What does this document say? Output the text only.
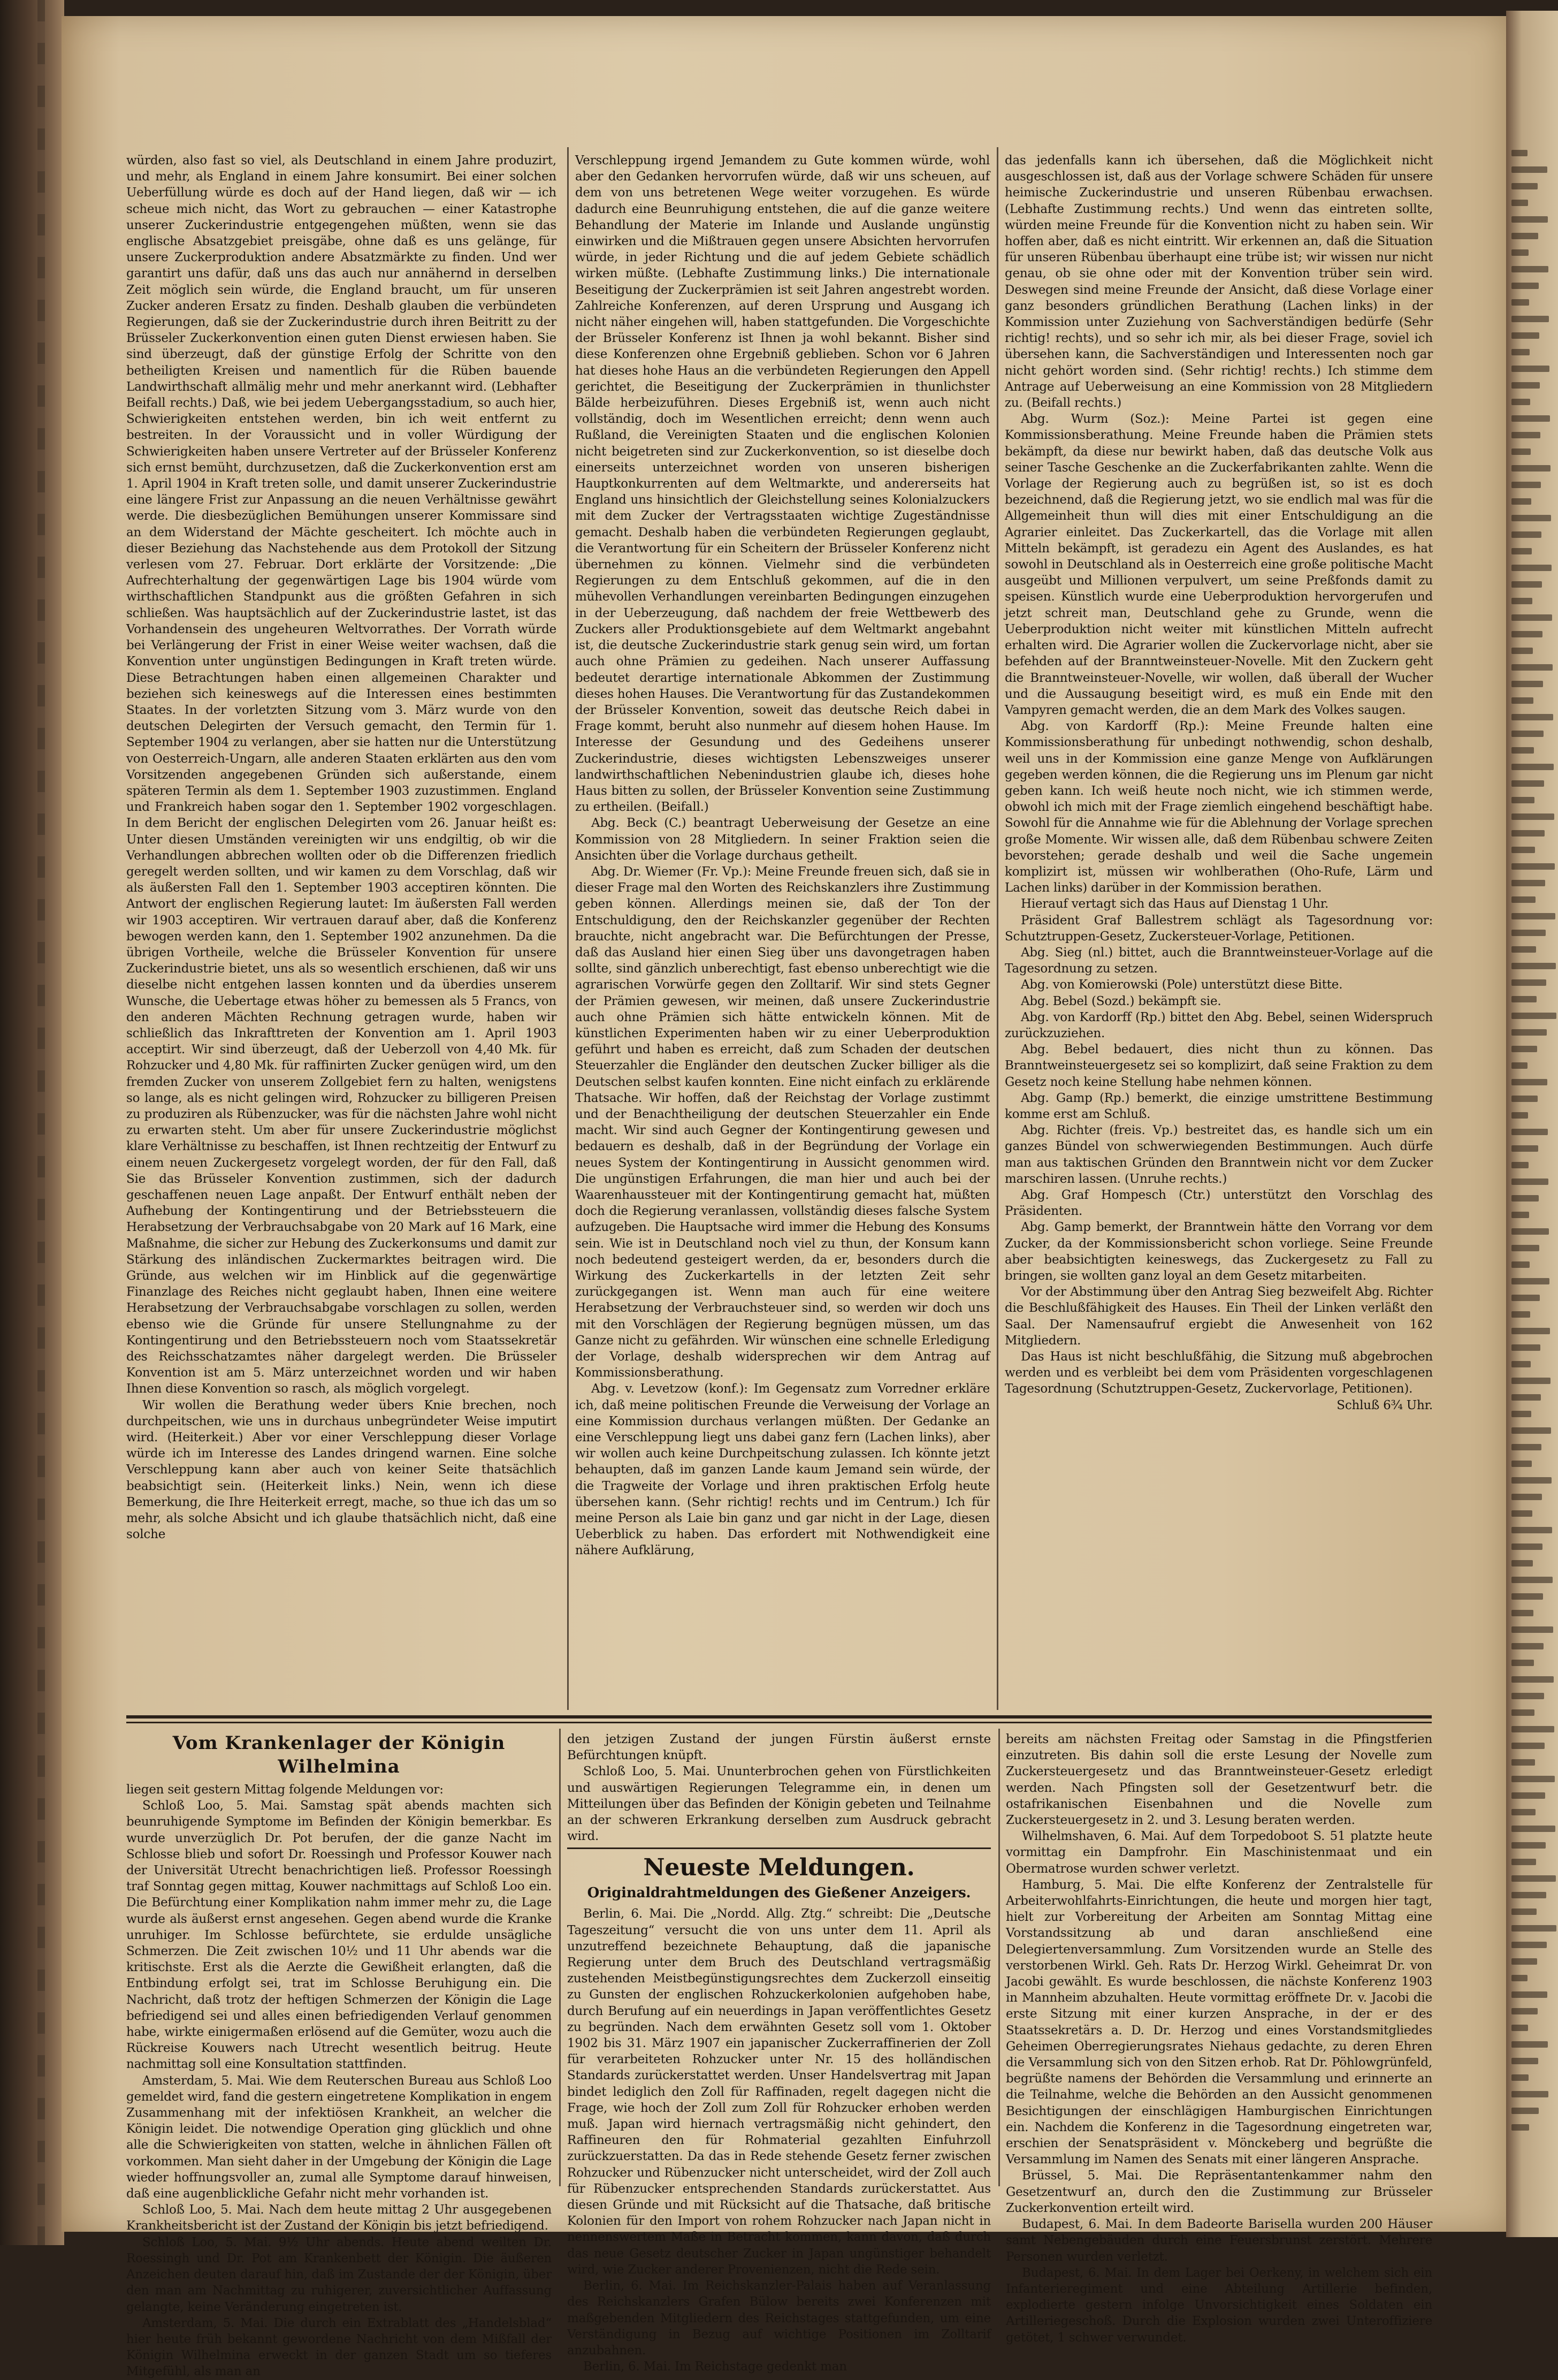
würden, also fast so viel, als Deutschland in einem Jahre produzirt, und mehr, als England in einem Jahre konsumirt. Bei einer solchen Ueberfüllung würde es doch auf der Hand liegen, daß wir — ich scheue mich nicht, das Wort zu gebrauchen — einer Katastrophe unserer Zuckerindustrie entgegengehen müßten, wenn sie das englische Absatzgebiet preisgäbe, ohne daß es uns gelänge, für unsere Zuckerproduktion andere Absatzmärkte zu finden. Und wer garantirt uns dafür, daß uns das auch nur annähernd in derselben Zeit möglich sein würde, die England braucht, um für unseren Zucker anderen Ersatz zu finden. Deshalb glauben die verbündeten Regierungen, daß sie der Zuckerindustrie durch ihren Beitritt zu der Brüsseler Zuckerkonvention einen guten Dienst erwiesen haben. Sie sind überzeugt, daß der günstige Erfolg der Schritte von den betheiligten Kreisen und namentlich für die Rüben bauende Landwirthschaft allmälig mehr und mehr anerkannt wird. (Lebhafter Beifall rechts.) Daß, wie bei jedem Uebergangsstadium, so auch hier, Schwierigkeiten entstehen werden, bin ich weit entfernt zu bestreiten. In der Voraussicht und in voller Würdigung der Schwierigkeiten haben unsere Vertreter auf der Brüsseler Konferenz sich ernst bemüht, durchzusetzen, daß die Zuckerkonvention erst am 1. April 1904 in Kraft treten solle, und damit unserer Zuckerindustrie eine längere Frist zur Anpassung an die neuen Verhältnisse gewährt werde. Die diesbezüglichen Bemühungen unserer Kommissare sind an dem Widerstand der Mächte gescheitert. Ich möchte auch in dieser Beziehung das Nachstehende aus dem Protokoll der Sitzung verlesen vom 27. Februar. Dort erklärte der Vorsitzende: „Die Aufrechterhaltung der gegenwärtigen Lage bis 1904 würde vom wirthschaftlichen Standpunkt aus die größten Gefahren in sich schließen. Was hauptsächlich auf der Zuckerindustrie lastet, ist das Vorhandensein des ungeheuren Weltvorrathes. Der Vorrath würde bei Verlängerung der Frist in einer Weise weiter wachsen, daß die Konvention unter ungünstigen Bedingungen in Kraft treten würde. Diese Betrachtungen haben einen allgemeinen Charakter und beziehen sich keineswegs auf die Interessen eines bestimmten Staates. In der vorletzten Sitzung vom 3. März wurde von den deutschen Delegirten der Versuch gemacht, den Termin für 1. September 1904 zu verlangen, aber sie hatten nur die Unterstützung von Oesterreich-Ungarn, alle anderen Staaten erklärten aus den vom Vorsitzenden angegebenen Gründen sich außerstande, einem späteren Termin als dem 1. September 1903 zuzustimmen. England und Frankreich haben sogar den 1. September 1902 vorgeschlagen. In dem Bericht der englischen Delegirten vom 26. Januar heißt es: Unter diesen Umständen vereinigten wir uns endgiltig, ob wir die Verhandlungen abbrechen wollten oder ob die Differenzen friedlich geregelt werden sollten, und wir kamen zu dem Vorschlag, daß wir als äußersten Fall den 1. September 1903 acceptiren könnten. Die Antwort der englischen Regierung lautet: Im äußersten Fall werden wir 1903 acceptiren. Wir vertrauen darauf aber, daß die Konferenz bewogen werden kann, den 1. September 1902 anzunehmen. Da die übrigen Vortheile, welche die Brüsseler Konvention für unsere Zuckerindustrie bietet, uns als so wesentlich erschienen, daß wir uns dieselbe nicht entgehen lassen konnten und da überdies unserem Wunsche, die Uebertage etwas höher zu bemessen als 5 Francs, von den anderen Mächten Rechnung getragen wurde, haben wir schließlich das Inkrafttreten der Konvention am 1. April 1903 acceptirt. Wir sind überzeugt, daß der Ueberzoll von 4,40 Mk. für Rohzucker und 4,80 Mk. für raffinirten Zucker genügen wird, um den fremden Zucker von unserem Zollgebiet fern zu halten, wenigstens so lange, als es nicht gelingen wird, Rohzucker zu billigeren Preisen zu produziren als Rübenzucker, was für die nächsten Jahre wohl nicht zu erwarten steht. Um aber für unsere Zuckerindustrie möglichst klare Verhältnisse zu beschaffen, ist Ihnen rechtzeitig der Entwurf zu einem neuen Zuckergesetz vorgelegt worden, der für den Fall, daß Sie das Brüsseler Konvention zustimmen, sich der dadurch geschaffenen neuen Lage anpaßt. Der Entwurf enthält neben der Aufhebung der Kontingentirung und der Betriebssteuern die Herabsetzung der Verbrauchsabgabe von 20 Mark auf 16 Mark, eine Maßnahme, die sicher zur Hebung des Zuckerkonsums und damit zur Stärkung des inländischen Zuckermarktes beitragen wird. Die Gründe, aus welchen wir im Hinblick auf die gegenwärtige Finanzlage des Reiches nicht geglaubt haben, Ihnen eine weitere Herabsetzung der Verbrauchsabgabe vorschlagen zu sollen, werden ebenso wie die Gründe für unsere Stellungnahme zu der Kontingentirung und den Betriebssteuern noch vom Staatssekretär des Reichsschatzamtes näher dargelegt werden. Die Brüsseler Konvention ist am 5. März unterzeichnet worden und wir haben Ihnen diese Konvention so rasch, als möglich vorgelegt.

Wir wollen die Berathung weder übers Knie brechen, noch durchpeitschen, wie uns in durchaus unbegründeter Weise imputirt wird. (Heiterkeit.) Aber vor einer Verschleppung dieser Vorlage würde ich im Interesse des Landes dringend warnen. Eine solche Verschleppung kann aber auch von keiner Seite thatsächlich beabsichtigt sein. (Heiterkeit links.) Nein, wenn ich diese Bemerkung, die Ihre Heiterkeit erregt, mache, so thue ich das um so mehr, als solche Absicht und ich glaube thatsächlich nicht, daß eine solche

Verschleppung irgend Jemandem zu Gute kommen würde, wohl aber den Gedanken hervorrufen würde, daß wir uns scheuen, auf dem von uns betretenen Wege weiter vorzugehen. Es würde dadurch eine Beunruhigung entstehen, die auf die ganze weitere Behandlung der Materie im Inlande und Auslande ungünstig einwirken und die Mißtrauen gegen unsere Absichten hervorrufen würde, in jeder Richtung und die auf jedem Gebiete schädlich wirken müßte. (Lebhafte Zustimmung links.) Die internationale Beseitigung der Zuckerprämien ist seit Jahren angestrebt worden. Zahlreiche Konferenzen, auf deren Ursprung und Ausgang ich nicht näher eingehen will, haben stattgefunden. Die Vorgeschichte der Brüsseler Konferenz ist Ihnen ja wohl bekannt. Bisher sind diese Konferenzen ohne Ergebniß geblieben. Schon vor 6 Jahren hat dieses hohe Haus an die verbündeten Regierungen den Appell gerichtet, die Beseitigung der Zuckerprämien in thunlichster Bälde herbeizuführen. Dieses Ergebniß ist, wenn auch nicht vollständig, doch im Wesentlichen erreicht; denn wenn auch Rußland, die Vereinigten Staaten und die englischen Kolonien nicht beigetreten sind zur Zuckerkonvention, so ist dieselbe doch einerseits unterzeichnet worden von unseren bisherigen Hauptkonkurrenten auf dem Weltmarkte, und andererseits hat England uns hinsichtlich der Gleichstellung seines Kolonialzuckers mit dem Zucker der Vertragsstaaten wichtige Zugeständnisse gemacht. Deshalb haben die verbündeten Regierungen geglaubt, die Verantwortung für ein Scheitern der Brüsseler Konferenz nicht übernehmen zu können. Vielmehr sind die verbündeten Regierungen zu dem Entschluß gekommen, auf die in den mühevollen Verhandlungen vereinbarten Bedingungen einzugehen in der Ueberzeugung, daß nachdem der freie Wettbewerb des Zuckers aller Produktionsgebiete auf dem Weltmarkt angebahnt ist, die deutsche Zuckerindustrie stark genug sein wird, um fortan auch ohne Prämien zu gedeihen. Nach unserer Auffassung bedeutet derartige internationale Abkommen der Zustimmung dieses hohen Hauses. Die Verantwortung für das Zustandekommen der Brüsseler Konvention, soweit das deutsche Reich dabei in Frage kommt, beruht also nunmehr auf diesem hohen Hause. Im Interesse der Gesundung und des Gedeihens unserer Zuckerindustrie, dieses wichtigsten Lebenszweiges unserer landwirthschaftlichen Nebenindustrien glaube ich, dieses hohe Haus bitten zu sollen, der Brüsseler Konvention seine Zustimmung zu ertheilen. (Beifall.)

Abg. Beck (C.) beantragt Ueberweisung der Gesetze an eine Kommission von 28 Mitgliedern. In seiner Fraktion seien die Ansichten über die Vorlage durchaus getheilt.

Abg. Dr. Wiemer (Fr. Vp.): Meine Freunde freuen sich, daß sie in dieser Frage mal den Worten des Reichskanzlers ihre Zustimmung geben können. Allerdings meinen sie, daß der Ton der Entschuldigung, den der Reichskanzler gegenüber der Rechten brauchte, nicht angebracht war. Die Befürchtungen der Presse, daß das Ausland hier einen Sieg über uns davongetragen haben sollte, sind gänzlich unberechtigt, fast ebenso unberechtigt wie die agrarischen Vorwürfe gegen den Zolltarif. Wir sind stets Gegner der Prämien gewesen, wir meinen, daß unsere Zuckerindustrie auch ohne Prämien sich hätte entwickeln können. Mit de künstlichen Experimenten haben wir zu einer Ueberproduktion geführt und haben es erreicht, daß zum Schaden der deutschen Steuerzahler die Engländer den deutschen Zucker billiger als die Deutschen selbst kaufen konnten. Eine nicht einfach zu erklärende Thatsache. Wir hoffen, daß der Reichstag der Vorlage zustimmt und der Benachtheiligung der deutschen Steuerzahler ein Ende macht. Wir sind auch Gegner der Kontingentirung gewesen und bedauern es deshalb, daß in der Begründung der Vorlage ein neues System der Kontingentirung in Aussicht genommen wird. Die ungünstigen Erfahrungen, die man hier und auch bei der Waarenhaussteuer mit der Kontingentirung gemacht hat, müßten doch die Regierung veranlassen, vollständig dieses falsche System aufzugeben. Die Hauptsache wird immer die Hebung des Konsums sein. Wie ist in Deutschland noch viel zu thun, der Konsum kann noch bedeutend gesteigert werden, da er, besonders durch die Wirkung des Zuckerkartells in der letzten Zeit sehr zurückgegangen ist. Wenn man auch für eine weitere Herabsetzung der Verbrauchsteuer sind, so werden wir doch uns mit den Vorschlägen der Regierung begnügen müssen, um das Ganze nicht zu gefährden. Wir wünschen eine schnelle Erledigung der Vorlage, deshalb widersprechen wir dem Antrag auf Kommissionsberathung.

Abg. v. Levetzow (konf.): Im Gegensatz zum Vorredner erkläre ich, daß meine politischen Freunde die Verweisung der Vorlage an eine Kommission durchaus verlangen müßten. Der Gedanke an eine Verschleppung liegt uns dabei ganz fern (Lachen links), aber wir wollen auch keine Durchpeitschung zulassen. Ich könnte jetzt behaupten, daß im ganzen Lande kaum Jemand sein würde, der die Tragweite der Vorlage und ihren praktischen Erfolg heute übersehen kann. (Sehr richtig! rechts und im Centrum.) Ich für meine Person als Laie bin ganz und gar nicht in der Lage, diesen Ueberblick zu haben. Das erfordert mit Nothwendigkeit eine nähere Aufklärung,

das jedenfalls kann ich übersehen, daß die Möglichkeit nicht ausgeschlossen ist, daß aus der Vorlage schwere Schäden für unsere heimische Zuckerindustrie und unseren Rübenbau erwachsen. (Lebhafte Zustimmung rechts.) Und wenn das eintreten sollte, würden meine Freunde für die Konvention nicht zu haben sein. Wir hoffen aber, daß es nicht eintritt. Wir erkennen an, daß die Situation für unseren Rübenbau überhaupt eine trübe ist; wir wissen nur nicht genau, ob sie ohne oder mit der Konvention trüber sein wird. Deswegen sind meine Freunde der Ansicht, daß diese Vorlage einer ganz besonders gründlichen Berathung (Lachen links) in der Kommission unter Zuziehung von Sachverständigen bedürfe (Sehr richtig! rechts), und so sehr ich mir, als bei dieser Frage, soviel ich übersehen kann, die Sachverständigen und Interessenten noch gar nicht gehört worden sind. (Sehr richtig! rechts.) Ich stimme dem Antrage auf Ueberweisung an eine Kommission von 28 Mitgliedern zu. (Beifall rechts.)

Abg. Wurm (Soz.): Meine Partei ist gegen eine Kommissionsberathung. Meine Freunde haben die Prämien stets bekämpft, da diese nur bewirkt haben, daß das deutsche Volk aus seiner Tasche Geschenke an die Zuckerfabrikanten zahlte. Wenn die Vorlage der Regierung auch zu begrüßen ist, so ist es doch bezeichnend, daß die Regierung jetzt, wo sie endlich mal was für die Allgemeinheit thun will dies mit einer Entschuldigung an die Agrarier einleitet. Das Zuckerkartell, das die Vorlage mit allen Mitteln bekämpft, ist geradezu ein Agent des Auslandes, es hat sowohl in Deutschland als in Oesterreich eine große politische Macht ausgeübt und Millionen verpulvert, um seine Preßfonds damit zu speisen. Künstlich wurde eine Ueberproduktion hervorgerufen und jetzt schreit man, Deutschland gehe zu Grunde, wenn die Ueberproduktion nicht weiter mit künstlichen Mitteln aufrecht erhalten wird. Die Agrarier wollen die Zuckervorlage nicht, aber sie befehden auf der Branntweinsteuer-Novelle. Mit den Zuckern geht die Branntweinsteuer-Novelle, wir wollen, daß überall der Wucher und die Aussaugung beseitigt wird, es muß ein Ende mit den Vampyren gemacht werden, die an dem Mark des Volkes saugen.

Abg. von Kardorff (Rp.): Meine Freunde halten eine Kommissionsberathung für unbedingt nothwendig, schon deshalb, weil uns in der Kommission eine ganze Menge von Aufklärungen gegeben werden können, die die Regierung uns im Plenum gar nicht geben kann. Ich weiß heute noch nicht, wie ich stimmen werde, obwohl ich mich mit der Frage ziemlich eingehend beschäftigt habe. Sowohl für die Annahme wie für die Ablehnung der Vorlage sprechen große Momente. Wir wissen alle, daß dem Rübenbau schwere Zeiten bevorstehen; gerade deshalb und weil die Sache ungemein komplizirt ist, müssen wir wohlberathen (Oho-Rufe, Lärm und Lachen links) darüber in der Kommission berathen.

Hierauf vertagt sich das Haus auf Dienstag 1 Uhr.

Präsident Graf Ballestrem schlägt als Tagesordnung vor: Schutztruppen-Gesetz, Zuckersteuer-Vorlage, Petitionen.

Abg. Sieg (nl.) bittet, auch die Branntweinsteuer-Vorlage auf die Tagesordnung zu setzen.

Abg. von Komierowski (Pole) unterstützt diese Bitte.

Abg. Bebel (Sozd.) bekämpft sie.

Abg. von Kardorff (Rp.) bittet den Abg. Bebel, seinen Widerspruch zurückzuziehen.

Abg. Bebel bedauert, dies nicht thun zu können. Das Branntweinsteuergesetz sei so komplizirt, daß seine Fraktion zu dem Gesetz noch keine Stellung habe nehmen können.

Abg. Gamp (Rp.) bemerkt, die einzige umstrittene Bestimmung komme erst am Schluß.

Abg. Richter (freis. Vp.) bestreitet das, es handle sich um ein ganzes Bündel von schwerwiegenden Bestimmungen. Auch dürfe man aus taktischen Gründen den Branntwein nicht vor dem Zucker marschiren lassen. (Unruhe rechts.)

Abg. Graf Hompesch (Ctr.) unterstützt den Vorschlag des Präsidenten.

Abg. Gamp bemerkt, der Branntwein hätte den Vorrang vor dem Zucker, da der Kommissionsbericht schon vorliege. Seine Freunde aber beabsichtigten keineswegs, das Zuckergesetz zu Fall zu bringen, sie wollten ganz loyal an dem Gesetz mitarbeiten.

Vor der Abstimmung über den Antrag Sieg bezweifelt Abg. Richter die Beschlußfähigkeit des Hauses. Ein Theil der Linken verläßt den Saal. Der Namensaufruf ergiebt die Anwesenheit von 162 Mitgliedern.

Das Haus ist nicht beschlußfähig, die Sitzung muß abgebrochen werden und es verbleibt bei dem vom Präsidenten vorgeschlagenen Tagesordnung (Schutztruppen-Gesetz, Zuckervorlage, Petitionen).

Schluß 6¾ Uhr.

Vom Krankenlager der Königin Wilhelmina

liegen seit gestern Mittag folgende Meldungen vor:

Schloß Loo, 5. Mai. Samstag spät abends machten sich beunruhigende Symptome im Befinden der Königin bemerkbar. Es wurde unverzüglich Dr. Pot berufen, der die ganze Nacht im Schlosse blieb und sofort Dr. Roessingh und Professor Kouwer nach der Universität Utrecht benachrichtigen ließ. Professor Roessingh traf Sonntag gegen mittag, Kouwer nachmittags auf Schloß Loo ein. Die Befürchtung einer Komplikation nahm immer mehr zu, die Lage wurde als äußerst ernst angesehen. Gegen abend wurde die Kranke unruhiger. Im Schlosse befürchtete, sie erdulde unsägliche Schmerzen. Die Zeit zwischen 10½ und 11 Uhr abends war die kritischste. Erst als die Aerzte die Gewißheit erlangten, daß die Entbindung erfolgt sei, trat im Schlosse Beruhigung ein. Die Nachricht, daß trotz der heftigen Schmerzen der Königin die Lage befriedigend sei und alles einen befriedigenden Verlauf genommen habe, wirkte einigermaßen erlösend auf die Gemüter, wozu auch die Rückreise Kouwers nach Utrecht wesentlich beitrug. Heute nachmittag soll eine Konsultation stattfinden.

Amsterdam, 5. Mai. Wie dem Reuterschen Bureau aus Schloß Loo gemeldet wird, fand die gestern eingetretene Komplikation in engem Zusammenhang mit der infektiösen Krankheit, an welcher die Königin leidet. Die notwendige Operation ging glücklich und ohne alle die Schwierigkeiten von statten, welche in ähnlichen Fällen oft vorkommen. Man sieht daher in der Umgebung der Königin die Lage wieder hoffnungsvoller an, zumal alle Symptome darauf hinweisen, daß eine augenblickliche Gefahr nicht mehr vorhanden ist.

Schloß Loo, 5. Mai. Nach dem heute mittag 2 Uhr ausgegebenen Krankheitsbericht ist der Zustand der Königin bis jetzt befriedigend.

Schloß Loo, 5. Mai. 9½ Uhr abends. Heute abend weilten Dr. Roessingh und Dr. Pot am Krankenbett der Königin. Die äußeren Anzeichen deuten darauf hin, daß im Zustande der der Königin, über den man am Nachmittag zu ruhigerer, zuversichtlicher Auffassung gelangte, keine Veränderung eingetreten ist.

Amsterdam, 5. Mai. Die durch ein Extrablatt des „Handelsblad“ hier heute früh bekannt gewordene Nachricht von dem Mißfall der Königin Wilhelmina erweckt in der ganzen Stadt um so tieferes Mitgefühl, als man an

den jetzigen Zustand der jungen Fürstin äußerst ernste Befürchtungen knüpft.

Schloß Loo, 5. Mai. Ununterbrochen gehen von Fürstlichkeiten und auswärtigen Regierungen Telegramme ein, in denen um Mitteilungen über das Befinden der Königin gebeten und Teilnahme an der schweren Erkrankung derselben zum Ausdruck gebracht wird.

Neueste Meldungen.
Originaldrahtmeldungen des Gießener Anzeigers.

Berlin, 6. Mai. Die „Nordd. Allg. Ztg.“ schreibt: Die „Deutsche Tageszeitung“ versucht die von uns unter dem 11. April als unzutreffend bezeichnete Behauptung, daß die japanische Regierung unter dem Bruch des Deutschland vertragsmäßig zustehenden Meistbegünstigungsrechtes dem Zuckerzoll einseitig zu Gunsten der englischen Rohzuckerkolonien aufgehoben habe, durch Berufung auf ein neuerdings in Japan veröffentlichtes Gesetz zu begründen. Nach dem erwähnten Gesetz soll vom 1. Oktober 1902 bis 31. März 1907 ein japanischer Zuckerraffinerien der Zoll für verarbeiteten Rohzucker unter Nr. 15 des holländischen Standards zurückerstattet werden. Unser Handelsvertrag mit Japan bindet lediglich den Zoll für Raffinaden, regelt dagegen nicht die Frage, wie hoch der Zoll zum Zoll für Rohzucker erhoben werden muß. Japan wird hiernach vertragsmäßig nicht gehindert, den Raffineuren den für Rohmaterial gezahlten Einfuhrzoll zurückzuerstatten. Da das in Rede stehende Gesetz ferner zwischen Rohzucker und Rübenzucker nicht unterscheidet, wird der Zoll auch für Rübenzucker entsprechenden Standards zurückerstattet. Aus diesen Gründe und mit Rücksicht auf die Thatsache, daß britische Kolonien für den Import von rohem Rohzucker nach Japan nicht in nennenswertem Maße in Betracht kommen, kann davon, daß durch das neue Gesetz deutscher Zucker in Japan ungünstiger behandelt wird, wie Zucker anderer Provenienzen, nicht die Rede sein.

Berlin, 6. Mai. Im Reichskanzler-Palais haben auf Veranlassung des Reichskanzlers Grafen Bülow bereits zwei Konferenzen mit maßgebenden Mitgliedern des Reichstages stattgefunden, um eine Verständigung in Bezug auf wichtige Positionen im Zolltarif anzubahnen.

Berlin, 6. Mai. Im Reichstage gedenkt man

bereits am nächsten Freitag oder Samstag in die Pfingstferien einzutreten. Bis dahin soll die erste Lesung der Novelle zum Zuckersteuergesetz und das Branntweinsteuer-Gesetz erledigt werden. Nach Pfingsten soll der Gesetzentwurf betr. die ostafrikanischen Eisenbahnen und die Novelle zum Zuckersteuergesetz in 2. und 3. Lesung beraten werden.

Wilhelmshaven, 6. Mai. Auf dem Torpedoboot S. 51 platzte heute vormittag ein Dampfrohr. Ein Maschinistenmaat und ein Obermatrose wurden schwer verletzt.

Hamburg, 5. Mai. Die elfte Konferenz der Zentralstelle für Arbeiterwohlfahrts-Einrichtungen, die heute und morgen hier tagt, hielt zur Vorbereitung der Arbeiten am Sonntag Mittag eine Vorstandssitzung ab und daran anschließend eine Delegiertenversammlung. Zum Vorsitzenden wurde an Stelle des verstorbenen Wirkl. Geh. Rats Dr. Herzog Wirkl. Geheimrat Dr. von Jacobi gewählt. Es wurde beschlossen, die nächste Konferenz 1903 in Mannheim abzuhalten. Heute vormittag eröffnete Dr. v. Jacobi die erste Sitzung mit einer kurzen Ansprache, in der er des Staatssekretärs a. D. Dr. Herzog und eines Vorstandsmitgliedes Geheimen Oberregierungsrates Niehaus gedachte, zu deren Ehren die Versammlung sich von den Sitzen erhob. Rat Dr. Pöhlowgrünfeld, begrüßte namens der Behörden die Versammlung und erinnerte an die Teilnahme, welche die Behörden an den Aussicht genommenen Besichtigungen der einschlägigen Hamburgischen Einrichtungen ein. Nachdem die Konferenz in die Tagesordnung eingetreten war, erschien der Senatspräsident v. Mönckeberg und begrüßte die Versammlung im Namen des Senats mit einer längeren Ansprache.

Brüssel, 5. Mai. Die Repräsentantenkammer nahm den Gesetzentwurf an, durch den die Zustimmung zur Brüsseler Zuckerkonvention erteilt wird.

Budapest, 6. Mai. In dem Badeorte Barisella wurden 200 Häuser samt Nebengebäuden durch eine Feuersbrunst zerstört. Mehrere Personen wurden verletzt.

Budapest, 6. Mai. In dem Lager bei Oerkeny, in welchem sich ein Infanterieregiment und eine Abteilung Artillerie befinden, explodierte gestern infolge Unvorsichtigkeit eines Soldaten ein Artilleriegeschoß. Durch die Explosion wurden zwei Unteroffiziere getötet, 1 schwer verwundet.
